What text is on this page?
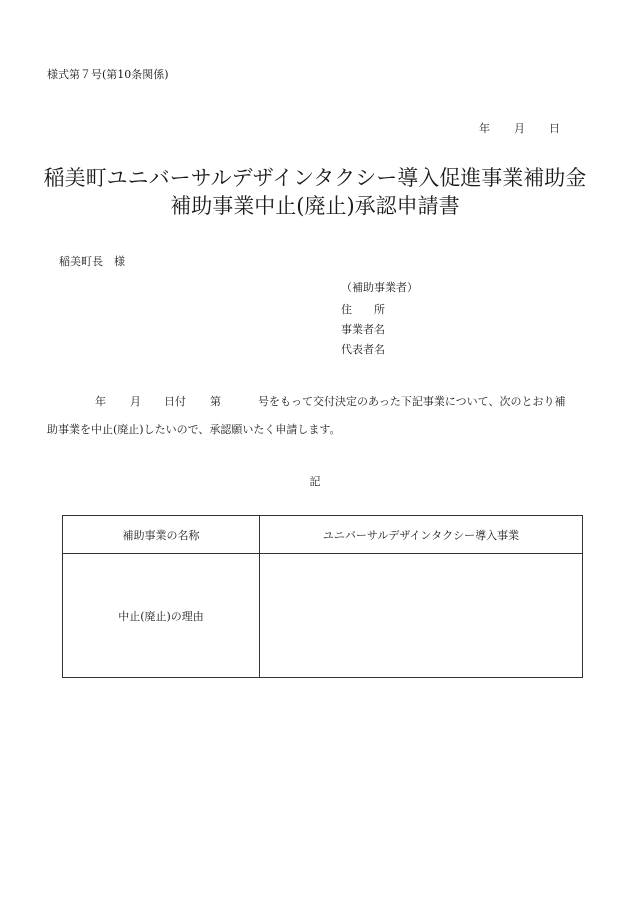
様式第７号(第10条関係)
年 月 日
稲美町ユニバーサルデザインタクシー導入促進事業補助金
補助事業中止(廃止)承認申請書
稲美町長　様
（補助事業者）
住　　所
事業者名
代表者名
年 月 日付 第	号をもって交付決定のあった下記事業について、次のとおり補
助事業を中止(廃止)したいので、承認願いたく申請します。
記
補助事業の名称	ユニバーサルデザインタクシー導入事業
中止(廃止)の理由	
